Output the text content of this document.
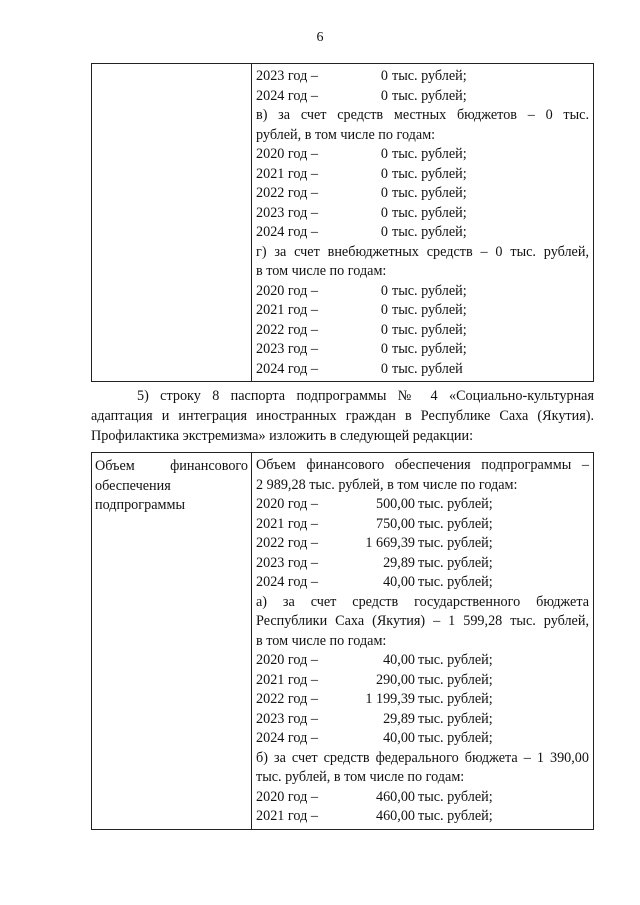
6

2023 год –	0 тыс. рублей;
2024 год –	0 тыс. рублей;
в) за счет средств местных бюджетов – 0 тыс.
рублей, в том числе по годам:
2020 год –	0 тыс. рублей;
2021 год –	0 тыс. рублей;
2022 год –	0 тыс. рублей;
2023 год –	0 тыс. рублей;
2024 год –	0 тыс. рублей;
г) за счет внебюджетных средств – 0 тыс. рублей,
в том числе по годам:
2020 год –	0 тыс. рублей;
2021 год –	0 тыс. рублей;
2022 год –	0 тыс. рублей;
2023 год –	0 тыс. рублей;
2024 год –	0 тыс. рублей
5) строку 8 паспорта подпрограммы № 4 «Социально-культурная
адаптация и интеграция иностранных граждан в Республике Саха (Якутия).
Профилактика экстремизма» изложить в следующей редакции:
Объем финансового
обеспечения
подпрограммы

Объем финансового обеспечения подпрограммы –
2 989,28 тыс. рублей, в том числе по годам:
2020 год –	500,00 тыс. рублей;
2021 год –	750,00 тыс. рублей;
2022 год –	1 669,39 тыс. рублей;
2023 год –	29,89 тыс. рублей;
2024 год –	40,00 тыс. рублей;
а) за счет средств государственного бюджета
Республики Саха (Якутия) – 1 599,28 тыс. рублей,
в том числе по годам:
2020 год –	40,00 тыс. рублей;
2021 год –	290,00 тыс. рублей;
2022 год –	1 199,39 тыс. рублей;
2023 год –	29,89 тыс. рублей;
2024 год –	40,00 тыс. рублей;
б) за счет средств федерального бюджета – 1 390,00
тыс. рублей, в том числе по годам:
2020 год –	460,00 тыс. рублей;
2021 год –	460,00 тыс. рублей;
